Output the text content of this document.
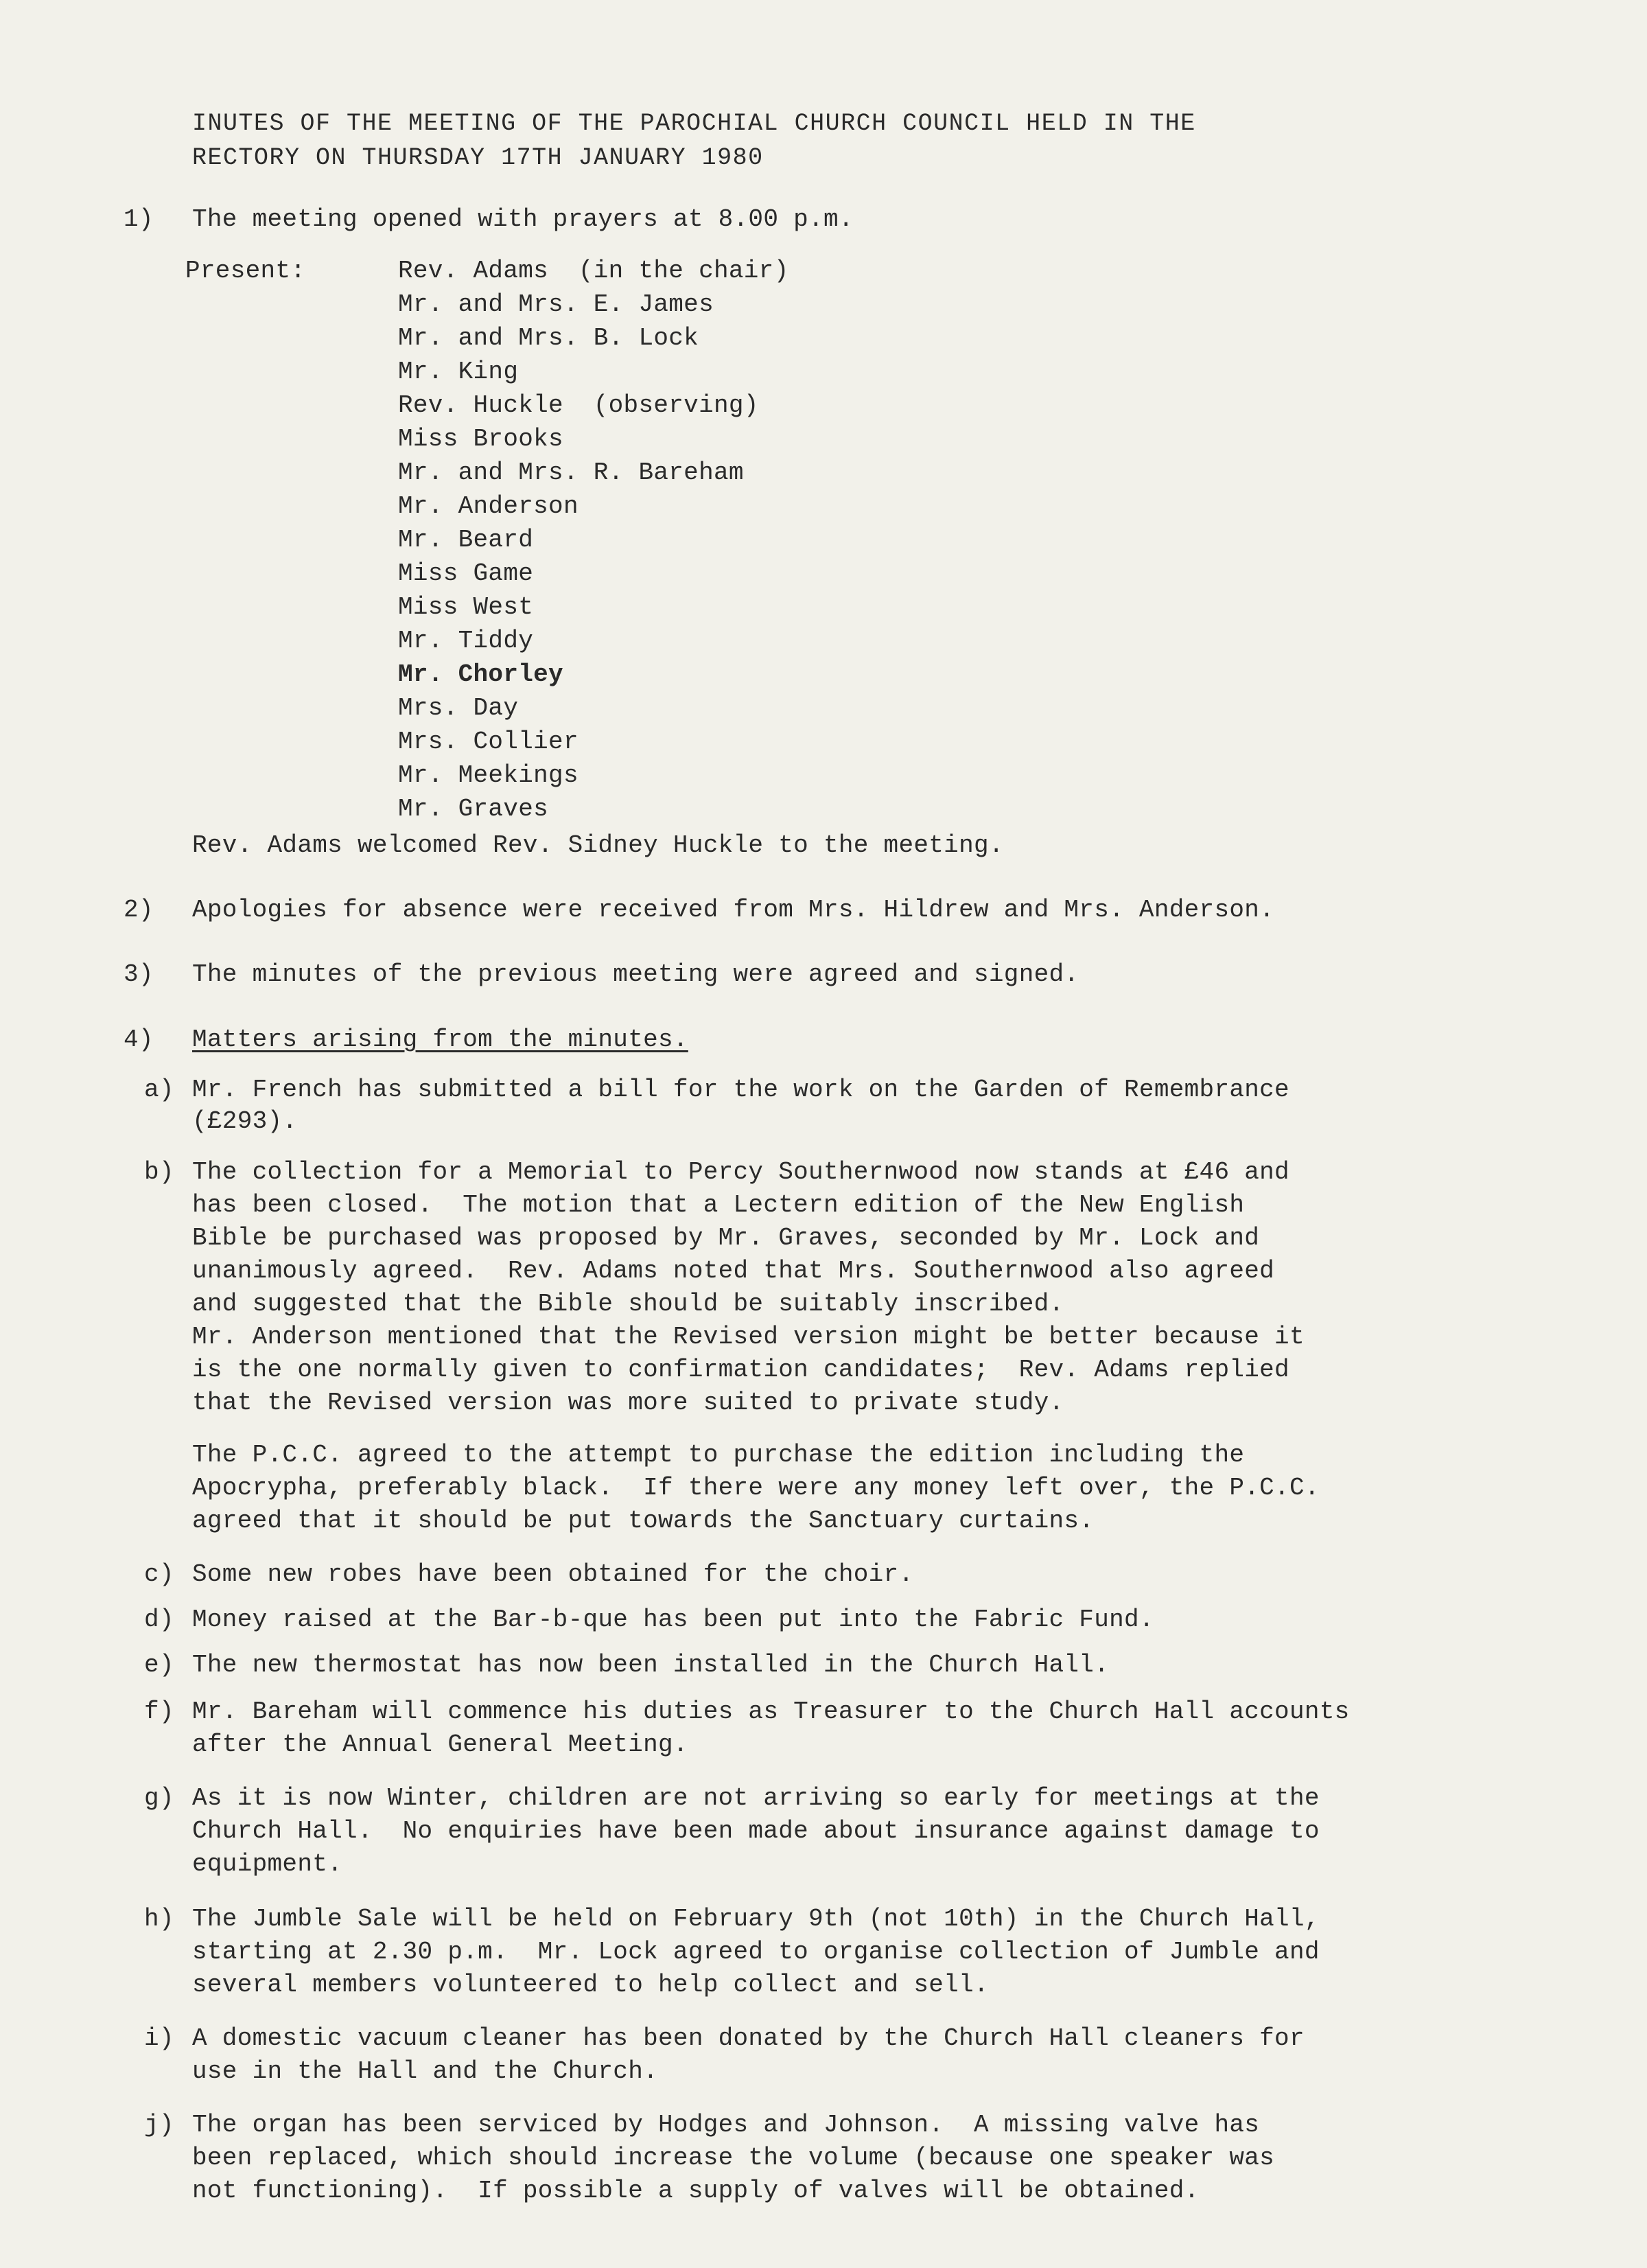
INUTES OF THE MEETING OF THE PAROCHIAL CHURCH COUNCIL HELD IN THE
RECTORY ON THURSDAY 17TH JANUARY 1980
1) The meeting opened with prayers at 8.00 p.m.
Present:	Rev. Adams  (in the chair)
Mr. and Mrs. E. James
Mr. and Mrs. B. Lock
Mr. King
Rev. Huckle  (observing)
Miss Brooks
Mr. and Mrs. R. Bareham
Mr. Anderson
Mr. Beard
Miss Game
Miss West
Mr. Tiddy
Mr. Chorley
Mrs. Day
Mrs. Collier
Mr. Meekings
Mr. Graves
Rev. Adams welcomed Rev. Sidney Huckle to the meeting.
2) Apologies for absence were received from Mrs. Hildrew and Mrs. Anderson.
3) The minutes of the previous meeting were agreed and signed.
4) Matters arising from the minutes.
a) Mr. French has submitted a bill for the work on the Garden of Remembrance
(£293).
b) The collection for a Memorial to Percy Southernwood now stands at £46 and
has been closed.  The motion that a Lectern edition of the New English
Bible be purchased was proposed by Mr. Graves, seconded by Mr. Lock and
unanimously agreed.  Rev. Adams noted that Mrs. Southernwood also agreed
and suggested that the Bible should be suitably inscribed.
Mr. Anderson mentioned that the Revised version might be better because it
is the one normally given to confirmation candidates;  Rev. Adams replied
that the Revised version was more suited to private study.
The P.C.C. agreed to the attempt to purchase the edition including the
Apocrypha, preferably black.  If there were any money left over, the P.C.C.
agreed that it should be put towards the Sanctuary curtains.
c) Some new robes have been obtained for the choir.
d) Money raised at the Bar-b-que has been put into the Fabric Fund.
e) The new thermostat has now been installed in the Church Hall.
f) Mr. Bareham will commence his duties as Treasurer to the Church Hall accounts
after the Annual General Meeting.
g) As it is now Winter, children are not arriving so early for meetings at the
Church Hall.  No enquiries have been made about insurance against damage to
equipment.
h) The Jumble Sale will be held on February 9th (not 10th) in the Church Hall,
starting at 2.30 p.m.  Mr. Lock agreed to organise collection of Jumble and
several members volunteered to help collect and sell.
i) A domestic vacuum cleaner has been donated by the Church Hall cleaners for
use in the Hall and the Church.
j) The organ has been serviced by Hodges and Johnson.  A missing valve has
been replaced, which should increase the volume (because one speaker was
not functioning).  If possible a supply of valves will be obtained.
